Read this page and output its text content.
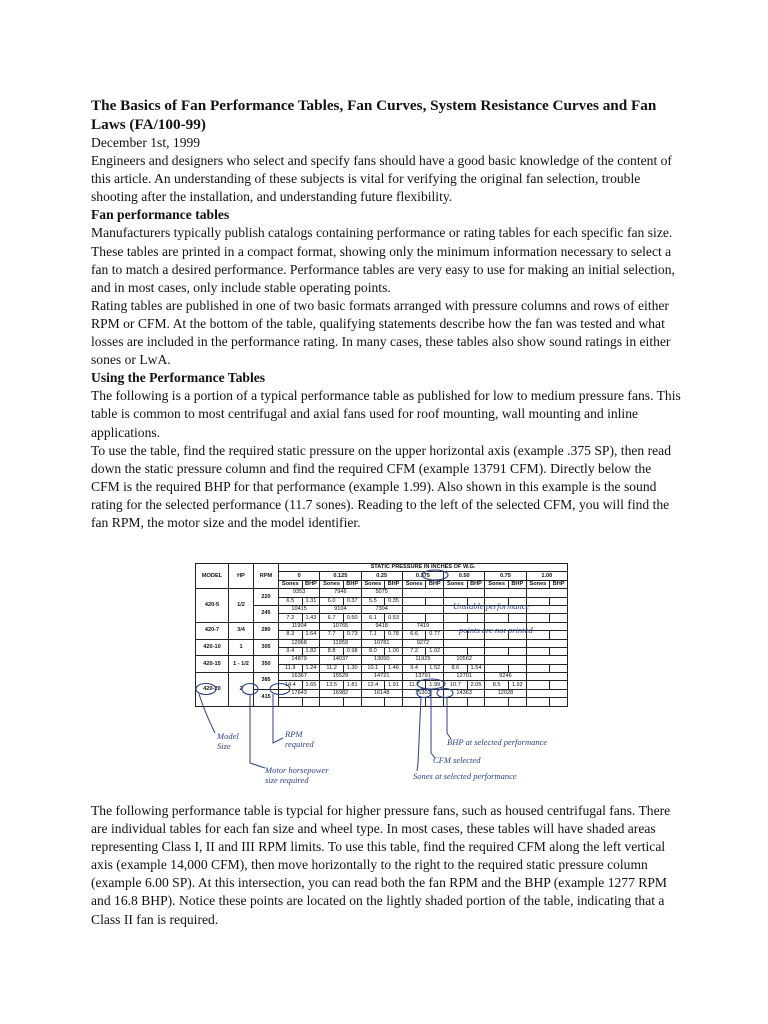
The Basics of Fan Performance Tables, Fan Curves, System Resistance Curves and Fan Laws (FA/100-99)

December 1st, 1999

Engineers and designers who select and specify fans should have a good basic knowledge of the content of this article. An understanding of these subjects is vital for verifying the original fan selection, trouble shooting after the installation, and understanding future flexibility.

Fan performance tables

Manufacturers typically publish catalogs containing performance or rating tables for each specific fan size. These tables are printed in a compact format, showing only the minimum information necessary to select a fan to match a desired performance. Performance tables are very easy to use for making an initial selection, and in most cases, only include stable operating points.

Rating tables are published in one of two basic formats arranged with pressure columns and rows of either RPM or CFM. At the bottom of the table, qualifying statements describe how the fan was tested and what losses are included in the performance rating. In many cases, these tables also show sound ratings in either sones or LwA.

Using the Performance Tables

The following is a portion of a typical performance table as published for low to medium pressure fans. This table is common to most centrifugal and axial fans used for roof mounting, wall mounting and inline applications.

To use the table, find the required static pressure on the upper horizontal axis (example .375 SP), then read down the static pressure column and find the required CFM (example 13791 CFM). Directly below the CFM is the required BHP for that performance (example 1.99). Also shown in this example is the sound rating for the selected performance (11.7 sones). Reading to the left of the selected CFM, you will find the fan RPM, the motor size and the model identifier.

MODEL	HP	RPM	STATIC PRESSURE IN INCHES OF W.G.													
			0		0.125		0.25		0.375		0.50		0.75		1.00	
			Sones	BHP	Sones	BHP	Sones	BHP	Sones	BHP	Sones	BHP	Sones	BHP	Sones	BHP
420-5	1/2	220	9353		7946		5075									
			6.5	1.31	6.0	0.37	5.5	0.35								
		245	10415		9104		7304									
			7.2	1.43	6.7	0.50	6.1	0.53								
420-7	3/4	280	11904		10765		9418		7419							
			8.3	1.64	7.7	0.73	7.1	0.78	6.6	0.77						
420-10	1	305	12968		11959		10781		9272							
			9.4	1.82	8.8	0.98	8.0	1.00	7.2	1.02						
420-15	1 - 1/2	350	14879		14037		13050		11925		10562					
			11.9	1.24	11.2	1.30	10.1	1.46	9.4	1.52	8.6	1.54				
420-20	2	385	16367		15529		14721		13791		12701		9246			
			14.4	1.65	13.5	1.81	12.4	1.91	11.7	1.99	10.7	2.05	8.5	1.92		
		415	17643		16982		16148		15303		14363		12028			

Unstable performance
points are not printed
Model Size
RPM required
Motor horsepower size required
BHP at selected performance
CFM selected
Sones at selected performance

The following performance table is typcial for higher pressure fans, such as housed centrifugal fans. There are individual tables for each fan size and wheel type. In most cases, these tables will have shaded areas representing Class I, II and III RPM limits. To use this table, find the required CFM along the left vertical axis (example 14,000 CFM), then move horizontally to the right to the required static pressure column (example 6.00 SP). At this intersection, you can read both the fan RPM and the BHP (example 1277 RPM and 16.8 BHP). Notice these points are located on the lightly shaded portion of the table, indicating that a Class II fan is required.
